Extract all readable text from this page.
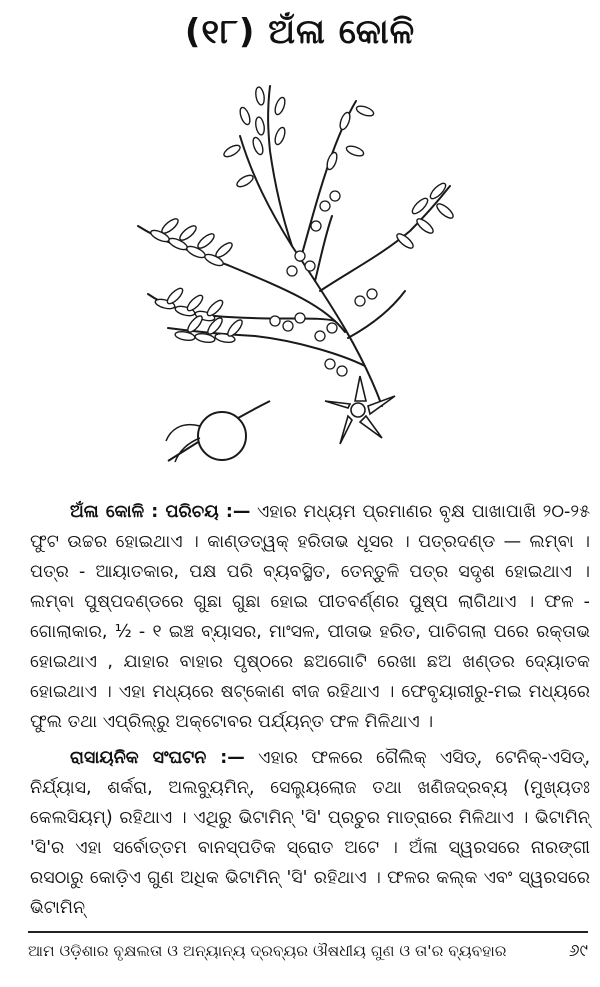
(୧୮) ଅଁଳା କୋଳି

ଅଁଳା କୋଳି : ପରିଚୟ :— ଏହାର ମଧ୍ୟମ ପ୍ରମାଣର ବୃକ୍ଷ ପାଖାପାଖି ୨୦-୨୫ ଫୁଟ ଉଚ୍ଚର ହୋଇଥାଏ । କାଣ୍ଡତ୍ୱକ୍ ହରିତାଭ ଧୂସର । ପତ୍ରଦଣ୍ଡ — ଲମ୍ବା । ପତ୍ର - ଆୟାତକାର, ପକ୍ଷ ପରି ବ୍ୟବସ୍ଥିତ, ତେନ୍ତୁଳି ପତ୍ର ସଦୃଶ ହୋଇଥାଏ । ଲମ୍ବା ପୁଷ୍ପଦଣ୍ଡରେ ଗୁଛା ଗୁଛା ହୋଇ ପୀତବର୍ଣ୍ଣର ପୁଷ୍ପ ଲାଗିଥାଏ । ଫଳ - ଗୋଲାକାର, ½ - ୧ ଇଞ୍ଚ ବ୍ୟାସର, ମାଂସଳ, ପୀତାଭ ହରିତ, ପାଚିଗଲା ପରେ ରକ୍ତାଭ ହୋଇଥାଏ , ଯାହାର ବାହାର ପୃଷ୍ଠରେ ଛଅଗୋଟି ରେଖା ଛଅ ଖଣ୍ଡର ଦ୍ୟୋତକ ହୋଇଥାଏ । ଏହା ମଧ୍ୟରେ ଷଟ୍‌କୋଣ ବୀଜ ରହିଥାଏ । ଫେବୃୟାରୀରୁ-ମଇ ମଧ୍ୟରେ ଫୁଲ ତଥା ଏପ୍ରିଲ୍‌ରୁ ଅକ୍ଟୋବର ପର୍ଯ୍ୟନ୍ତ ଫଳ ମିଳିଥାଏ ।

ରାସାୟନିକ ସଂଘଟନ :— ଏହାର ଫଳରେ ଗୈଲିକ୍ ଏସିଡ୍, ଟେନିକ୍-ଏସିଡ୍, ନିର୍ଯ୍ୟାସ, ଶର୍କରା, ଅଲବ୍ୟୁମିନ୍, ସେଲ୍ୟୁଲୋଜ ତଥା ଖଣିଜଦ୍ରବ୍ୟ (ମୁଖ୍ୟତଃ କେଲସିୟମ୍) ରହିଥାଏ । ଏଥିରୁ ଭିଟାମିନ୍ 'ସି' ପ୍ରଚୁର ମାତ୍ରାରେ ମିଳିଥାଏ । ଭିଟାମିନ୍ 'ସି'ର ଏହା ସର୍ବୋତ୍ତମ ବାନସ୍ପତିକ ସ୍ରୋତ ଅଟେ । ଅଁଳା ସ୍ୱରସରେ ନାରଙ୍ଗୀ ରସଠାରୁ କୋଡ଼ିଏ ଗୁଣ ଅଧିକ ଭିଟାମିନ୍ 'ସି' ରହିଥାଏ । ଫଳର କଲ୍କ ଏବଂ ସ୍ୱରସରେ ଭିଟାମିନ୍

ଆମ ଓଡ଼ିଶାର ବୃକ୍ଷଲତା ଓ ଅନ୍ୟାନ୍ୟ ଦ୍ରବ୍ୟର ଔଷଧୀୟ ଗୁଣ ଓ ତା'ର ବ୍ୟବହାର	୬୯
